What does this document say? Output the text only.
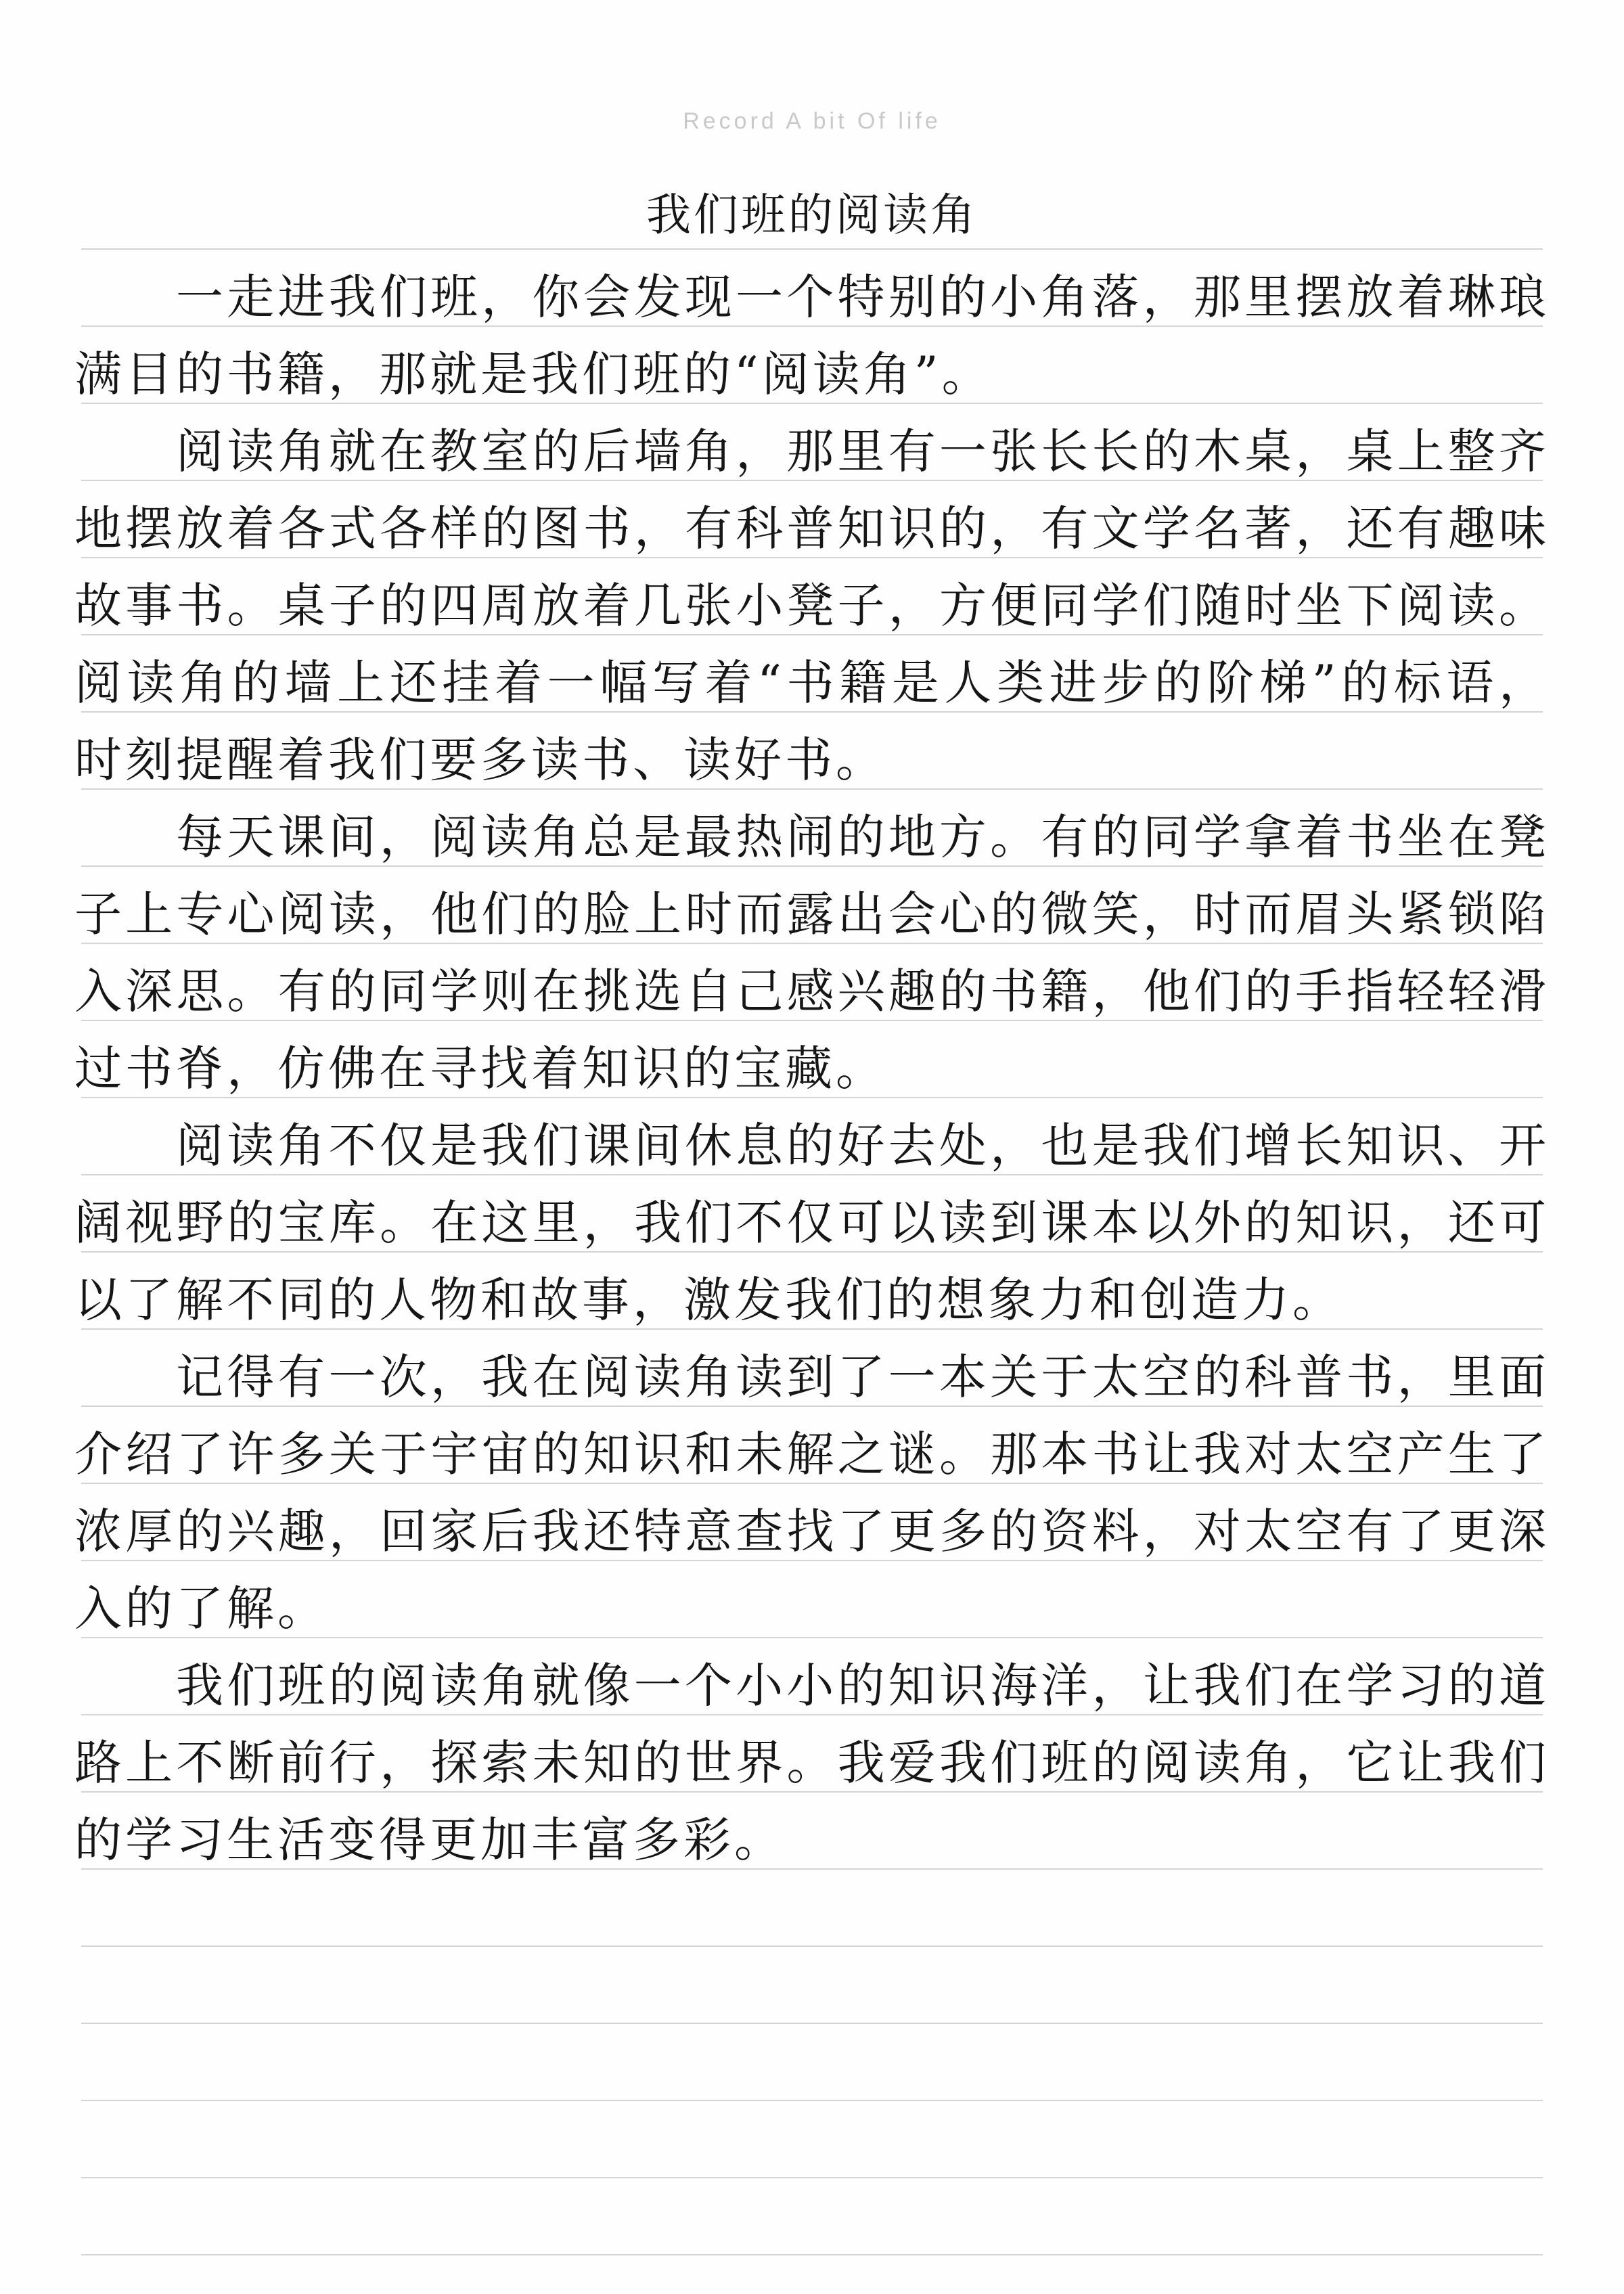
Record A bit Of life
我们班的阅读角

一走进我们班，你会发现一个特别的小角落，那里摆放着琳琅满目的书籍，那就是我们班的“阅读角”。

阅读角就在教室的后墙角，那里有一张长长的木桌，桌上整齐地摆放着各式各样的图书，有科普知识的，有文学名著，还有趣味故事书。桌子的四周放着几张小凳子，方便同学们随时坐下阅读。阅读角的墙上还挂着一幅写着“书籍是人类进步的阶梯”的标语，时刻提醒着我们要多读书、读好书。

每天课间，阅读角总是最热闹的地方。有的同学拿着书坐在凳子上专心阅读，他们的脸上时而露出会心的微笑，时而眉头紧锁陷入深思。有的同学则在挑选自己感兴趣的书籍，他们的手指轻轻滑过书脊，仿佛在寻找着知识的宝藏。

阅读角不仅是我们课间休息的好去处，也是我们增长知识、开阔视野的宝库。在这里，我们不仅可以读到课本以外的知识，还可以了解不同的人物和故事，激发我们的想象力和创造力。

记得有一次，我在阅读角读到了一本关于太空的科普书，里面介绍了许多关于宇宙的知识和未解之谜。那本书让我对太空产生了浓厚的兴趣，回家后我还特意查找了更多的资料，对太空有了更深入的了解。

我们班的阅读角就像一个小小的知识海洋，让我们在学习的道路上不断前行，探索未知的世界。我爱我们班的阅读角，它让我们的学习生活变得更加丰富多彩。
